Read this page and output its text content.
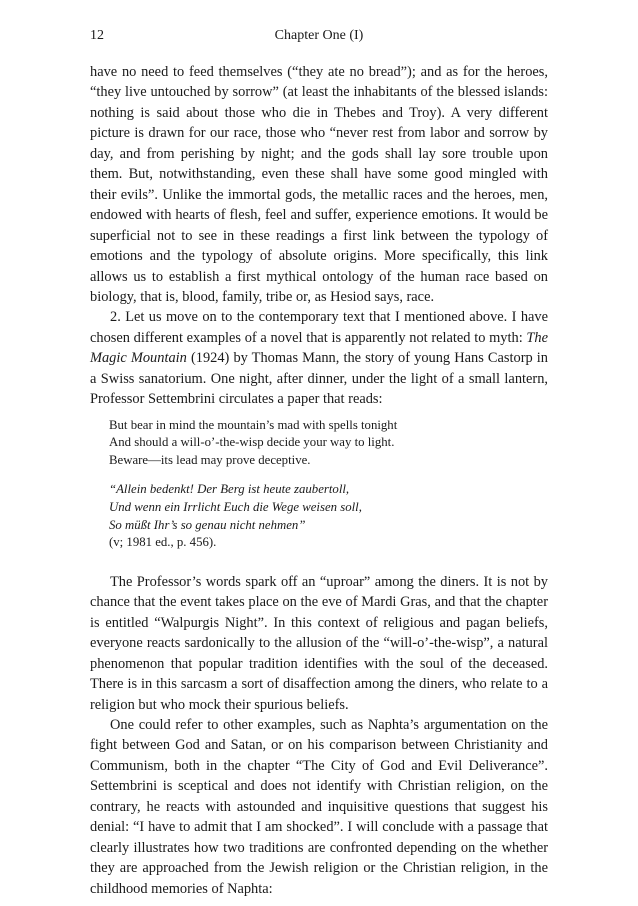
12	Chapter One (I)

have no need to feed themselves (“they ate no bread”); and as for the heroes, “they live untouched by sorrow” (at least the inhabitants of the blessed islands: nothing is said about those who die in Thebes and Troy). A very different picture is drawn for our race, those who “never rest from labor and sorrow by day, and from perishing by night; and the gods shall lay sore trouble upon them. But, notwithstanding, even these shall have some good mingled with their evils”. Unlike the immortal gods, the metallic races and the heroes, men, endowed with hearts of flesh, feel and suffer, experience emotions. It would be superficial not to see in these readings a first link between the typology of emotions and the typology of absolute origins. More specifically, this link allows us to establish a first mythical ontology of the human race based on biology, that is, blood, family, tribe or, as Hesiod says, race.

2. Let us move on to the contemporary text that I mentioned above. I have chosen different examples of a novel that is apparently not related to myth: The Magic Mountain (1924) by Thomas Mann, the story of young Hans Castorp in a Swiss sanatorium. One night, after dinner, under the light of a small lantern, Professor Settembrini circulates a paper that reads:

But bear in mind the mountain’s mad with spells tonight
And should a will-o’-the-wisp decide your way to light.
Beware—its lead may prove deceptive.
“Allein bedenkt! Der Berg ist heute zaubertoll,
Und wenn ein Irrlicht Euch die Wege weisen soll,
So müßt Ihr’s so genau nicht nehmen”
(v; 1981 ed., p. 456).

The Professor’s words spark off an “uproar” among the diners. It is not by chance that the event takes place on the eve of Mardi Gras, and that the chapter is entitled “Walpurgis Night”. In this context of religious and pagan beliefs, everyone reacts sardonically to the allusion of the “will-o’-the-wisp”, a natural phenomenon that popular tradition identifies with the soul of the deceased. There is in this sarcasm a sort of disaffection among the diners, who relate to a religion but who mock their spurious beliefs.

One could refer to other examples, such as Naphta’s argumentation on the fight between God and Satan, or on his comparison between Christianity and Communism, both in the chapter “The City of God and Evil Deliverance”. Settembrini is sceptical and does not identify with Christian religion, on the contrary, he reacts with astounded and inquisitive questions that suggest his denial: “I have to admit that I am shocked”. I will conclude with a passage that clearly illustrates how two traditions are confronted depending on the whether they are approached from the Jewish religion or the Christian religion, in the childhood memories of Naphta:
